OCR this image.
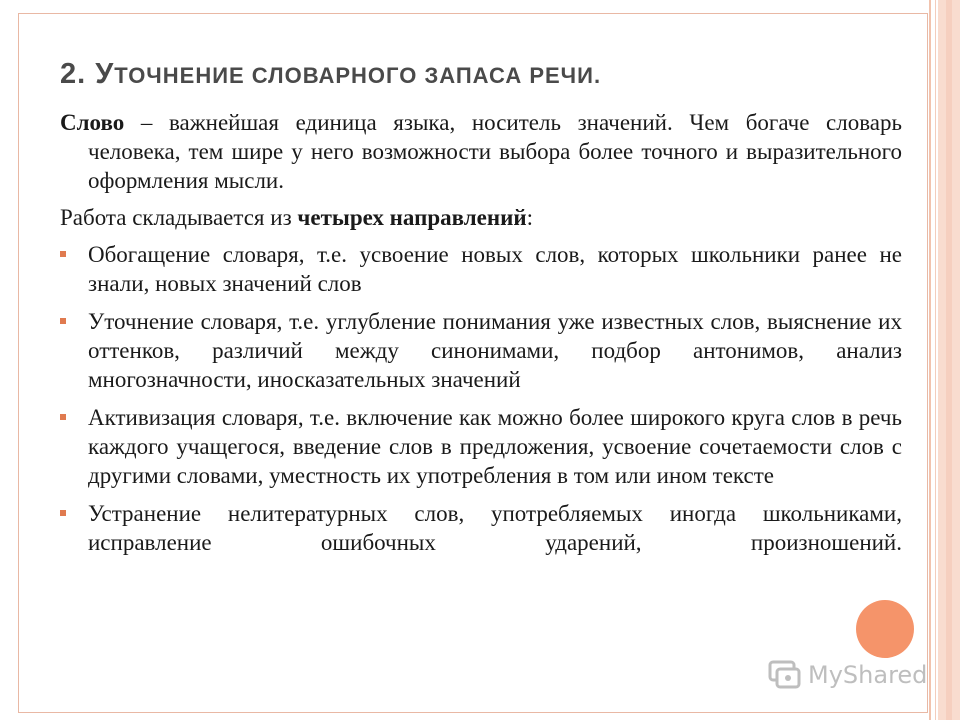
2. УТОЧНЕНИЕ СЛОВАРНОГО ЗАПАСА РЕЧИ.

Слово – важнейшая единица языка, носитель значений. Чем богаче словарь человека, тем шире у него возможности выбора более точного и выразительного оформления мысли.

Работа складывается из четырех направлений:

Обогащение словаря, т.е. усвоение новых слов, которых школьники ранее не знали, новых значений слов
Уточнение словаря, т.е. углубление понимания уже известных слов, выяснение их оттенков, различий между синонимами, подбор антонимов, анализ многозначности, иносказательных значений
Активизация словаря, т.е. включение как можно более широкого круга слов в речь каждого учащегося, введение слов в предложения, усвоение сочетаемости слов с другими словами, уместность их употребления в том или ином тексте
Устранение нелитературных слов, употребляемых иногда школьниками, исправление ошибочных ударений, произношений.
MyShared
